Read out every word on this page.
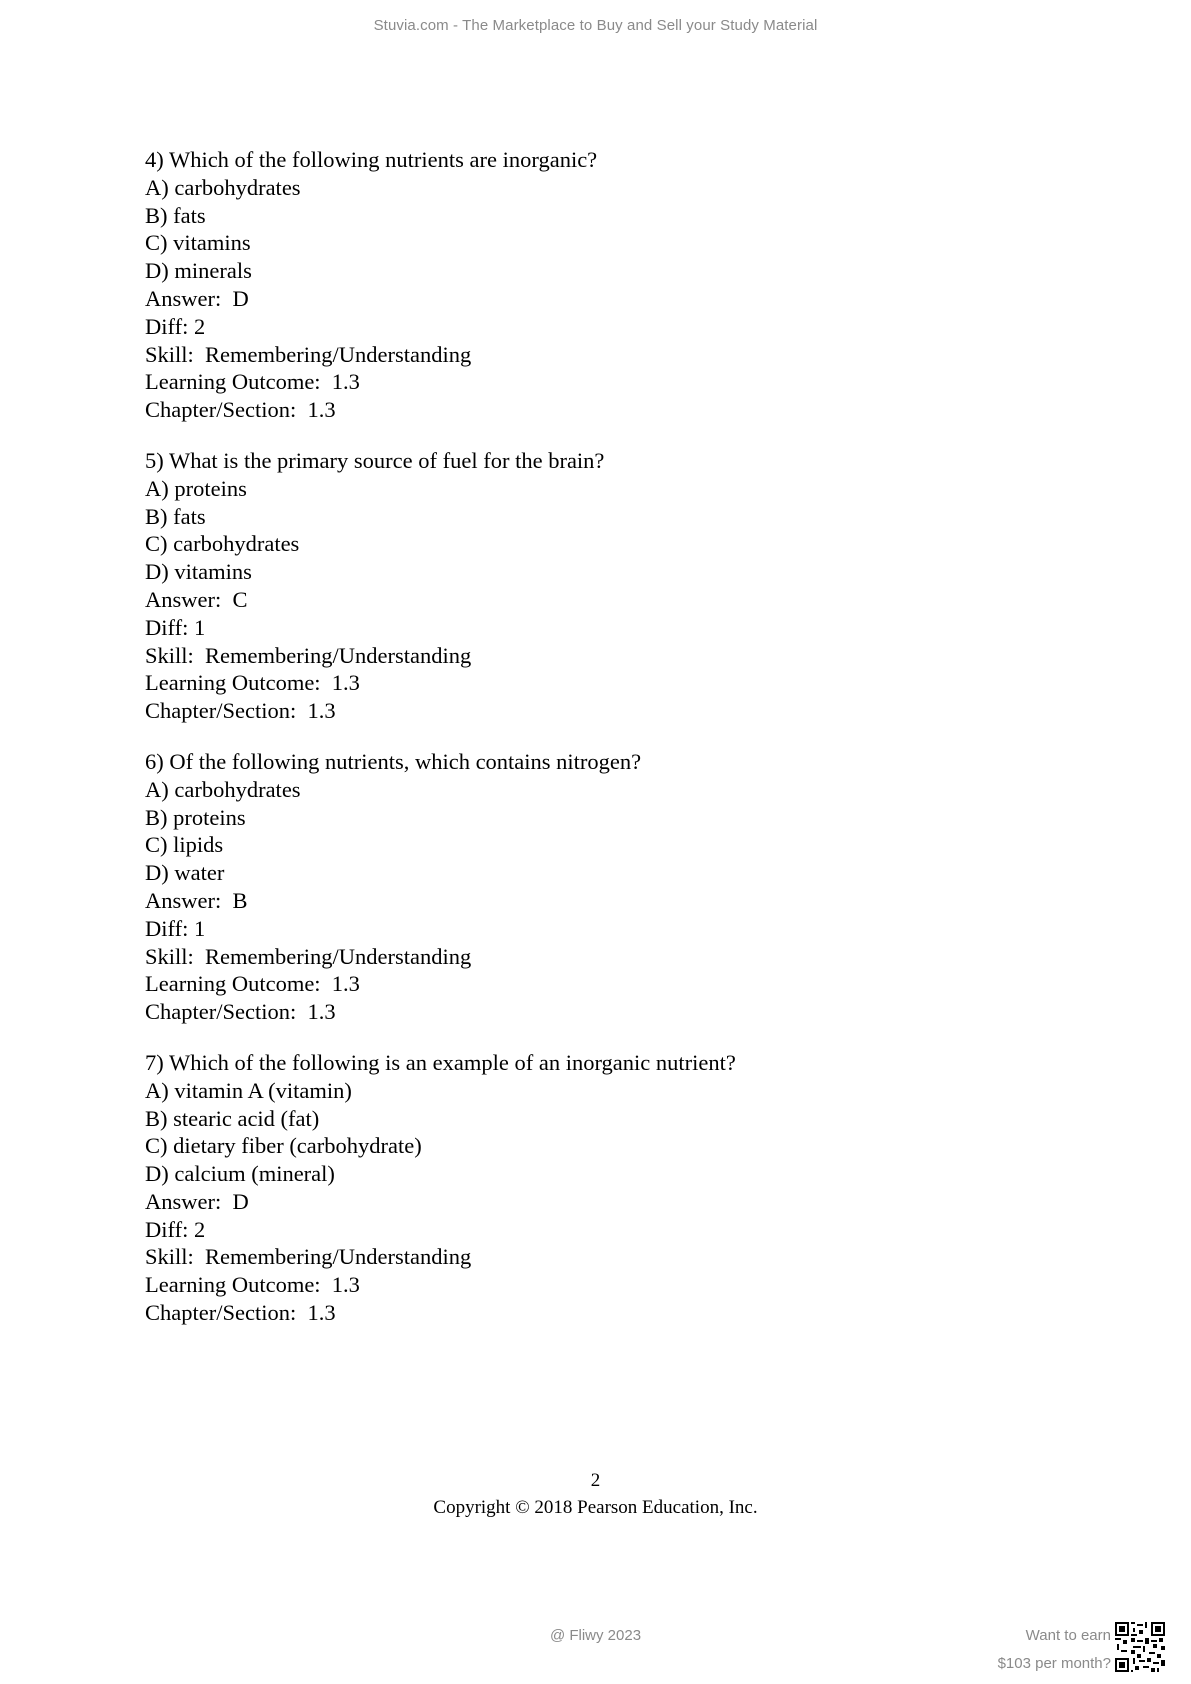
Stuvia.com - The Marketplace to Buy and Sell your Study Material
4) Which of the following nutrients are inorganic?
A) carbohydrates
B) fats
C) vitamins
D) minerals
Answer:  D
Diff: 2
Skill:  Remembering/Understanding
Learning Outcome:  1.3
Chapter/Section:  1.3
5) What is the primary source of fuel for the brain?
A) proteins
B) fats
C) carbohydrates
D) vitamins
Answer:  C
Diff: 1
Skill:  Remembering/Understanding
Learning Outcome:  1.3
Chapter/Section:  1.3
6) Of the following nutrients, which contains nitrogen?
A) carbohydrates
B) proteins
C) lipids
D) water
Answer:  B
Diff: 1
Skill:  Remembering/Understanding
Learning Outcome:  1.3
Chapter/Section:  1.3
7) Which of the following is an example of an inorganic nutrient?
A) vitamin A (vitamin)
B) stearic acid (fat)
C) dietary fiber (carbohydrate)
D) calcium (mineral)
Answer:  D
Diff: 2
Skill:  Remembering/Understanding
Learning Outcome:  1.3
Chapter/Section:  1.3
2
Copyright © 2018 Pearson Education, Inc.
@ Fliwy 2023	Want to earn
$103 per month?
